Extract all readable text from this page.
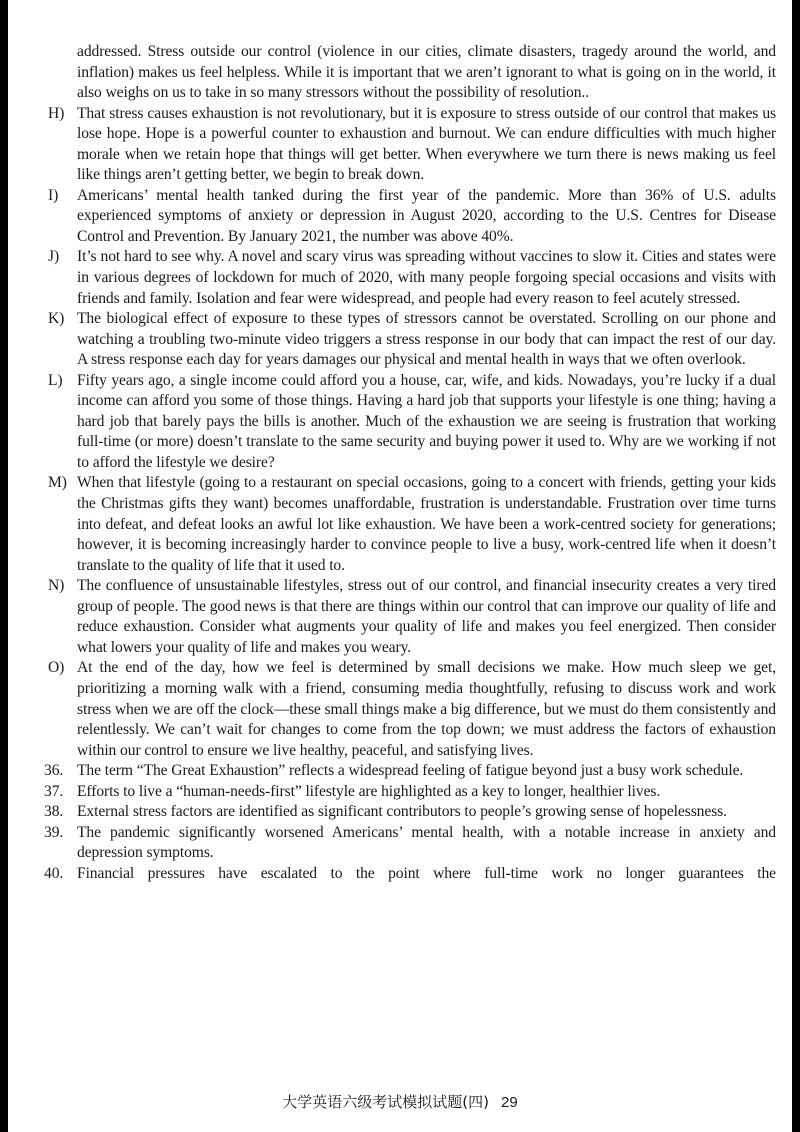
addressed. Stress outside our control (violence in our cities, climate disasters, tragedy around the world, and inflation) makes us feel helpless. While it is important that we aren’t ignorant to what is going on in the world, it also weighs on us to take in so many stressors without the possibility of resolution..

H) That stress causes exhaustion is not revolutionary, but it is exposure to stress outside of our control that makes us lose hope. Hope is a powerful counter to exhaustion and burnout. We can endure difficulties with much higher morale when we retain hope that things will get better. When everywhere we turn there is news making us feel like things aren’t getting better, we begin to break down.

I) Americans’ mental health tanked during the first year of the pandemic. More than 36% of U.S. adults experienced symptoms of anxiety or depression in August 2020, according to the U.S. Centres for Disease Control and Prevention. By January 2021, the number was above 40%.

J) It’s not hard to see why. A novel and scary virus was spreading without vaccines to slow it. Cities and states were in various degrees of lockdown for much of 2020, with many people forgoing special occasions and visits with friends and family. Isolation and fear were widespread, and people had every reason to feel acutely stressed.

K) The biological effect of exposure to these types of stressors cannot be overstated. Scrolling on our phone and watching a troubling two-minute video triggers a stress response in our body that can impact the rest of our day. A stress response each day for years damages our physical and mental health in ways that we often overlook.

L) Fifty years ago, a single income could afford you a house, car, wife, and kids. Nowadays, you’re lucky if a dual income can afford you some of those things. Having a hard job that supports your lifestyle is one thing; having a hard job that barely pays the bills is another. Much of the exhaustion we are seeing is frustration that working full-time (or more) doesn’t translate to the same security and buying power it used to. Why are we working if not to afford the lifestyle we desire?

M) When that lifestyle (going to a restaurant on special occasions, going to a concert with friends, getting your kids the Christmas gifts they want) becomes unaffordable, frustration is understandable. Frustration over time turns into defeat, and defeat looks an awful lot like exhaustion. We have been a work-centred society for generations; however, it is becoming increasingly harder to convince people to live a busy, work-centred life when it doesn’t translate to the quality of life that it used to.

N) The confluence of unsustainable lifestyles, stress out of our control, and financial insecurity creates a very tired group of people. The good news is that there are things within our control that can improve our quality of life and reduce exhaustion. Consider what augments your quality of life and makes you feel energized. Then consider what lowers your quality of life and makes you weary.

O) At the end of the day, how we feel is determined by small decisions we make. How much sleep we get, prioritizing a morning walk with a friend, consuming media thoughtfully, refusing to discuss work and work stress when we are off the clock—these small things make a big difference, but we must do them consistently and relentlessly. We can’t wait for changes to come from the top down; we must address the factors of exhaustion within our control to ensure we live healthy, peaceful, and satisfying lives.

36. The term “The Great Exhaustion” reflects a widespread feeling of fatigue beyond just a busy work schedule.

37. Efforts to live a “human-needs-first” lifestyle are highlighted as a key to longer, healthier lives.

38. External stress factors are identified as significant contributors to people’s growing sense of hopelessness.

39. The pandemic significantly worsened Americans’ mental health, with a notable increase in anxiety and depression symptoms.

40. Financial pressures have escalated to the point where full-time work no longer guarantees the

大学英语六级考试模拟试题(四) 29
